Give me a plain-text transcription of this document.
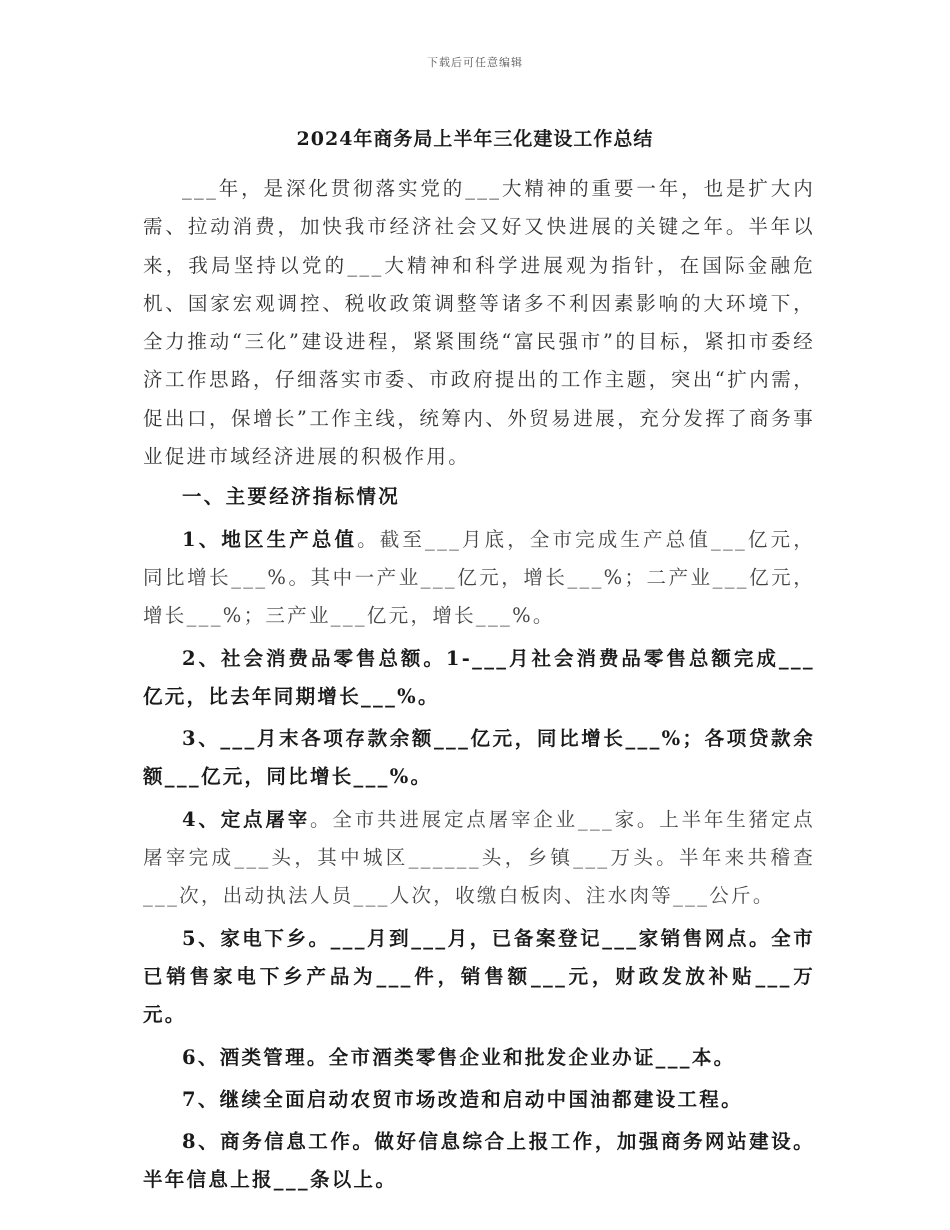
下载后可任意编辑
2024年商务局上半年三化建设工作总结

___年，是深化贯彻落实党的___大精神的重要一年，也是扩大内需、拉动消费，加快我市经济社会又好又快进展的关键之年。半年以来，我局坚持以党的___大精神和科学进展观为指针，在国际金融危机、国家宏观调控、税收政策调整等诸多不利因素影响的大环境下，全力推动“三化”建设进程，紧紧围绕“富民强市”的目标，紧扣市委经济工作思路，仔细落实市委、市政府提出的工作主题，突出“扩内需，促出口，保增长”工作主线，统筹内、外贸易进展，充分发挥了商务事业促进市域经济进展的积极作用。

一、主要经济指标情况

1、地区生产总值。截至___月底，全市完成生产总值___亿元，同比增长___%。其中一产业___亿元，增长___%；二产业___亿元，增长___%；三产业___亿元，增长___%。

2、社会消费品零售总额。1-___月社会消费品零售总额完成___亿元，比去年同期增长___%。

3、___月末各项存款余额___亿元，同比增长___%；各项贷款余额___亿元，同比增长___%。

4、定点屠宰。全市共进展定点屠宰企业___家。上半年生猪定点屠宰完成___头，其中城区______头，乡镇___万头。半年来共稽查___次，出动执法人员___人次，收缴白板肉、注水肉等___公斤。

5、家电下乡。___月到___月，已备案登记___家销售网点。全市已销售家电下乡产品为___件，销售额___元，财政发放补贴___万元。

6、酒类管理。全市酒类零售企业和批发企业办证___本。

7、继续全面启动农贸市场改造和启动中国油都建设工程。

8、商务信息工作。做好信息综合上报工作，加强商务网站建设。半年信息上报___条以上。
